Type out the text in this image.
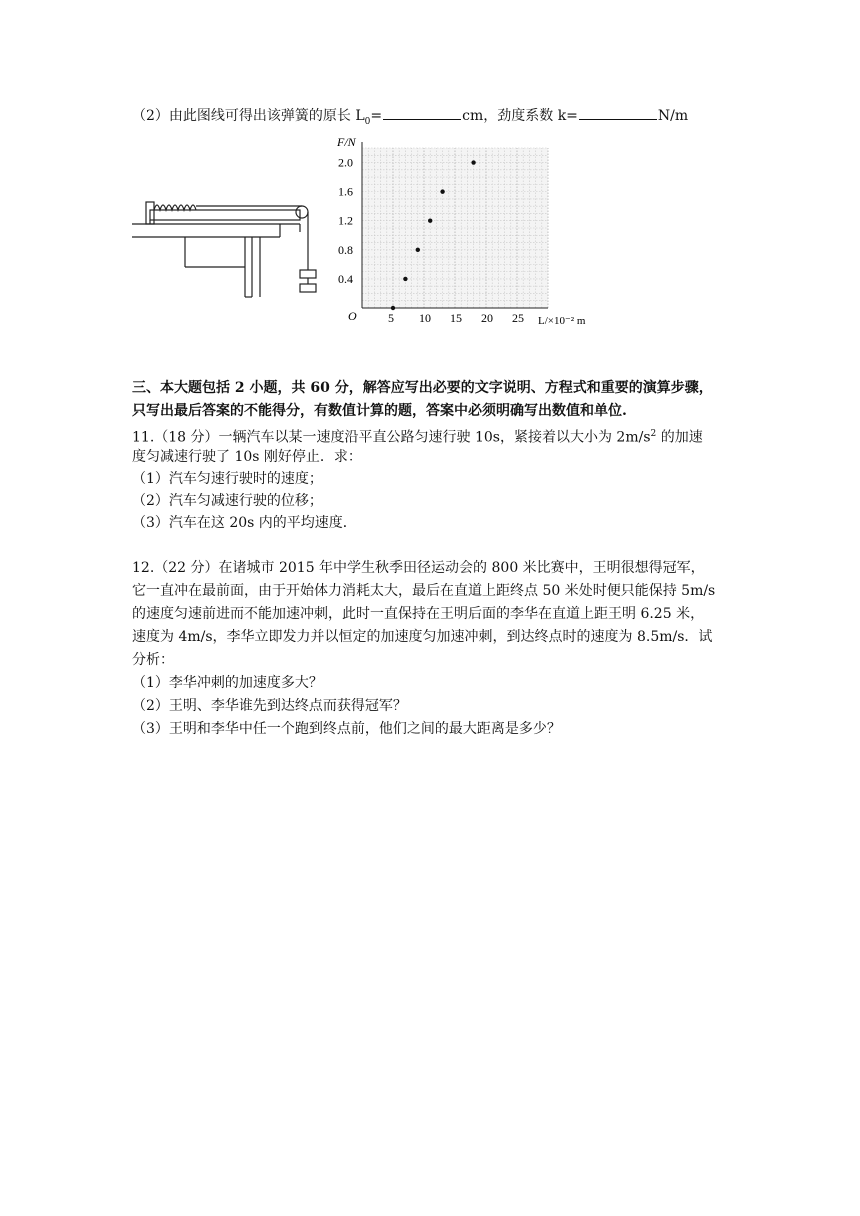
（2）由此图线可得出该弹簧的原长 $L_0=$	cm，劲度系数 k=	N/m
F/N
O	L/×10⁻² m
0.4
0.8
1.2
1.6
2.0
5 10 15 20 25
三、本大题包括 2 小题，共 60 分，解答应写出必要的文字说明、方程式和重要的演算步骤，
只写出最后答案的不能得分，有数值计算的题，答案中必须明确写出数值和单位.
11.（18 分）一辆汽车以某一速度沿平直公路匀速行驶 10s，紧接着以大小为 $2m/s^2$ 的加速
度匀减速行驶了 10s 刚好停止．求：
（1）汽车匀速行驶时的速度；
（2）汽车匀减速行驶的位移；
（3）汽车在这 20s 内的平均速度．
12.（22 分）在诸城市 2015 年中学生秋季田径运动会的 800 米比赛中，王明很想得冠军，
它一直冲在最前面，由于开始体力消耗太大，最后在直道上距终点 50 米处时便只能保持 5m/s
的速度匀速前进而不能加速冲刺，此时一直保持在王明后面的李华在直道上距王明 6.25 米，
速度为 4m/s，李华立即发力并以恒定的加速度匀加速冲刺，到达终点时的速度为 8.5m/s．试
分析：
（1）李华冲刺的加速度多大？
（2）王明、李华谁先到达终点而获得冠军？
（3）王明和李华中任一个跑到终点前，他们之间的最大距离是多少？
